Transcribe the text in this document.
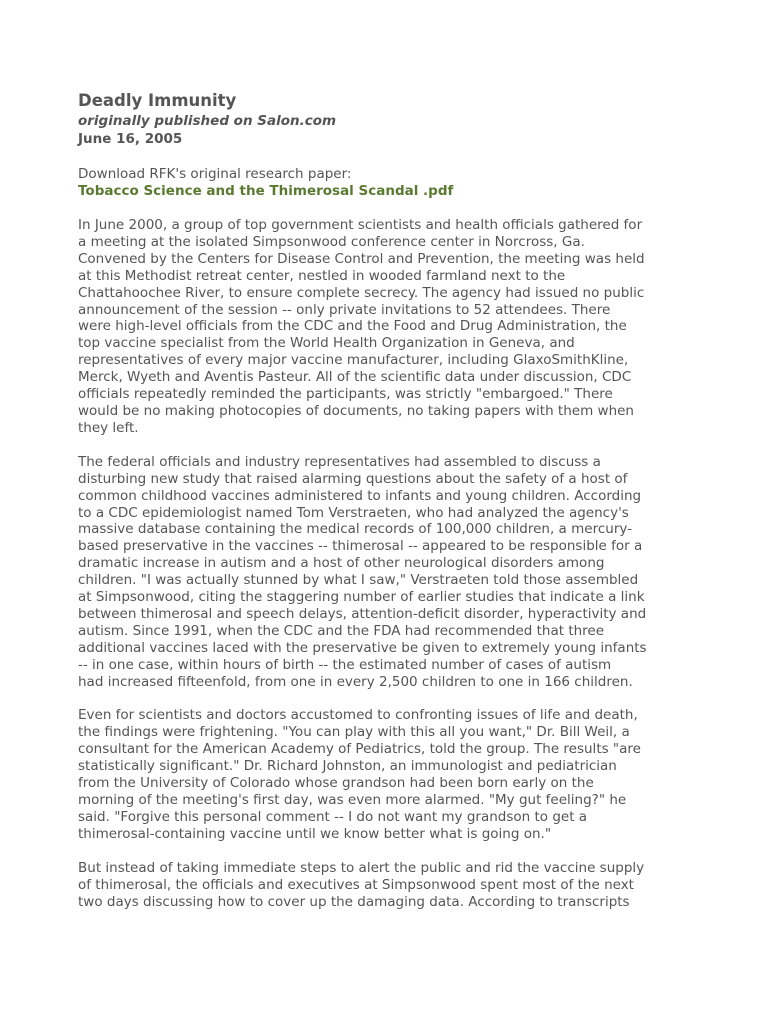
Deadly Immunity
originally published on Salon.com
June 16, 2005
Download RFK's original research paper:
Tobacco Science and the Thimerosal Scandal .pdf

In June 2000, a group of top government scientists and health officials gathered for
a meeting at the isolated Simpsonwood conference center in Norcross, Ga.
Convened by the Centers for Disease Control and Prevention, the meeting was held
at this Methodist retreat center, nestled in wooded farmland next to the
Chattahoochee River, to ensure complete secrecy. The agency had issued no public
announcement of the session -- only private invitations to 52 attendees. There
were high-level officials from the CDC and the Food and Drug Administration, the
top vaccine specialist from the World Health Organization in Geneva, and
representatives of every major vaccine manufacturer, including GlaxoSmithKline,
Merck, Wyeth and Aventis Pasteur. All of the scientific data under discussion, CDC
officials repeatedly reminded the participants, was strictly "embargoed." There
would be no making photocopies of documents, no taking papers with them when
they left.

The federal officials and industry representatives had assembled to discuss a
disturbing new study that raised alarming questions about the safety of a host of
common childhood vaccines administered to infants and young children. According
to a CDC epidemiologist named Tom Verstraeten, who had analyzed the agency's
massive database containing the medical records of 100,000 children, a mercury-
based preservative in the vaccines -- thimerosal -- appeared to be responsible for a
dramatic increase in autism and a host of other neurological disorders among
children. "I was actually stunned by what I saw," Verstraeten told those assembled
at Simpsonwood, citing the staggering number of earlier studies that indicate a link
between thimerosal and speech delays, attention-deficit disorder, hyperactivity and
autism. Since 1991, when the CDC and the FDA had recommended that three
additional vaccines laced with the preservative be given to extremely young infants
-- in one case, within hours of birth -- the estimated number of cases of autism
had increased fifteenfold, from one in every 2,500 children to one in 166 children.

Even for scientists and doctors accustomed to confronting issues of life and death,
the findings were frightening. "You can play with this all you want," Dr. Bill Weil, a
consultant for the American Academy of Pediatrics, told the group. The results "are
statistically significant." Dr. Richard Johnston, an immunologist and pediatrician
from the University of Colorado whose grandson had been born early on the
morning of the meeting's first day, was even more alarmed. "My gut feeling?" he
said. "Forgive this personal comment -- I do not want my grandson to get a
thimerosal-containing vaccine until we know better what is going on."

But instead of taking immediate steps to alert the public and rid the vaccine supply
of thimerosal, the officials and executives at Simpsonwood spent most of the next
two days discussing how to cover up the damaging data. According to transcripts
